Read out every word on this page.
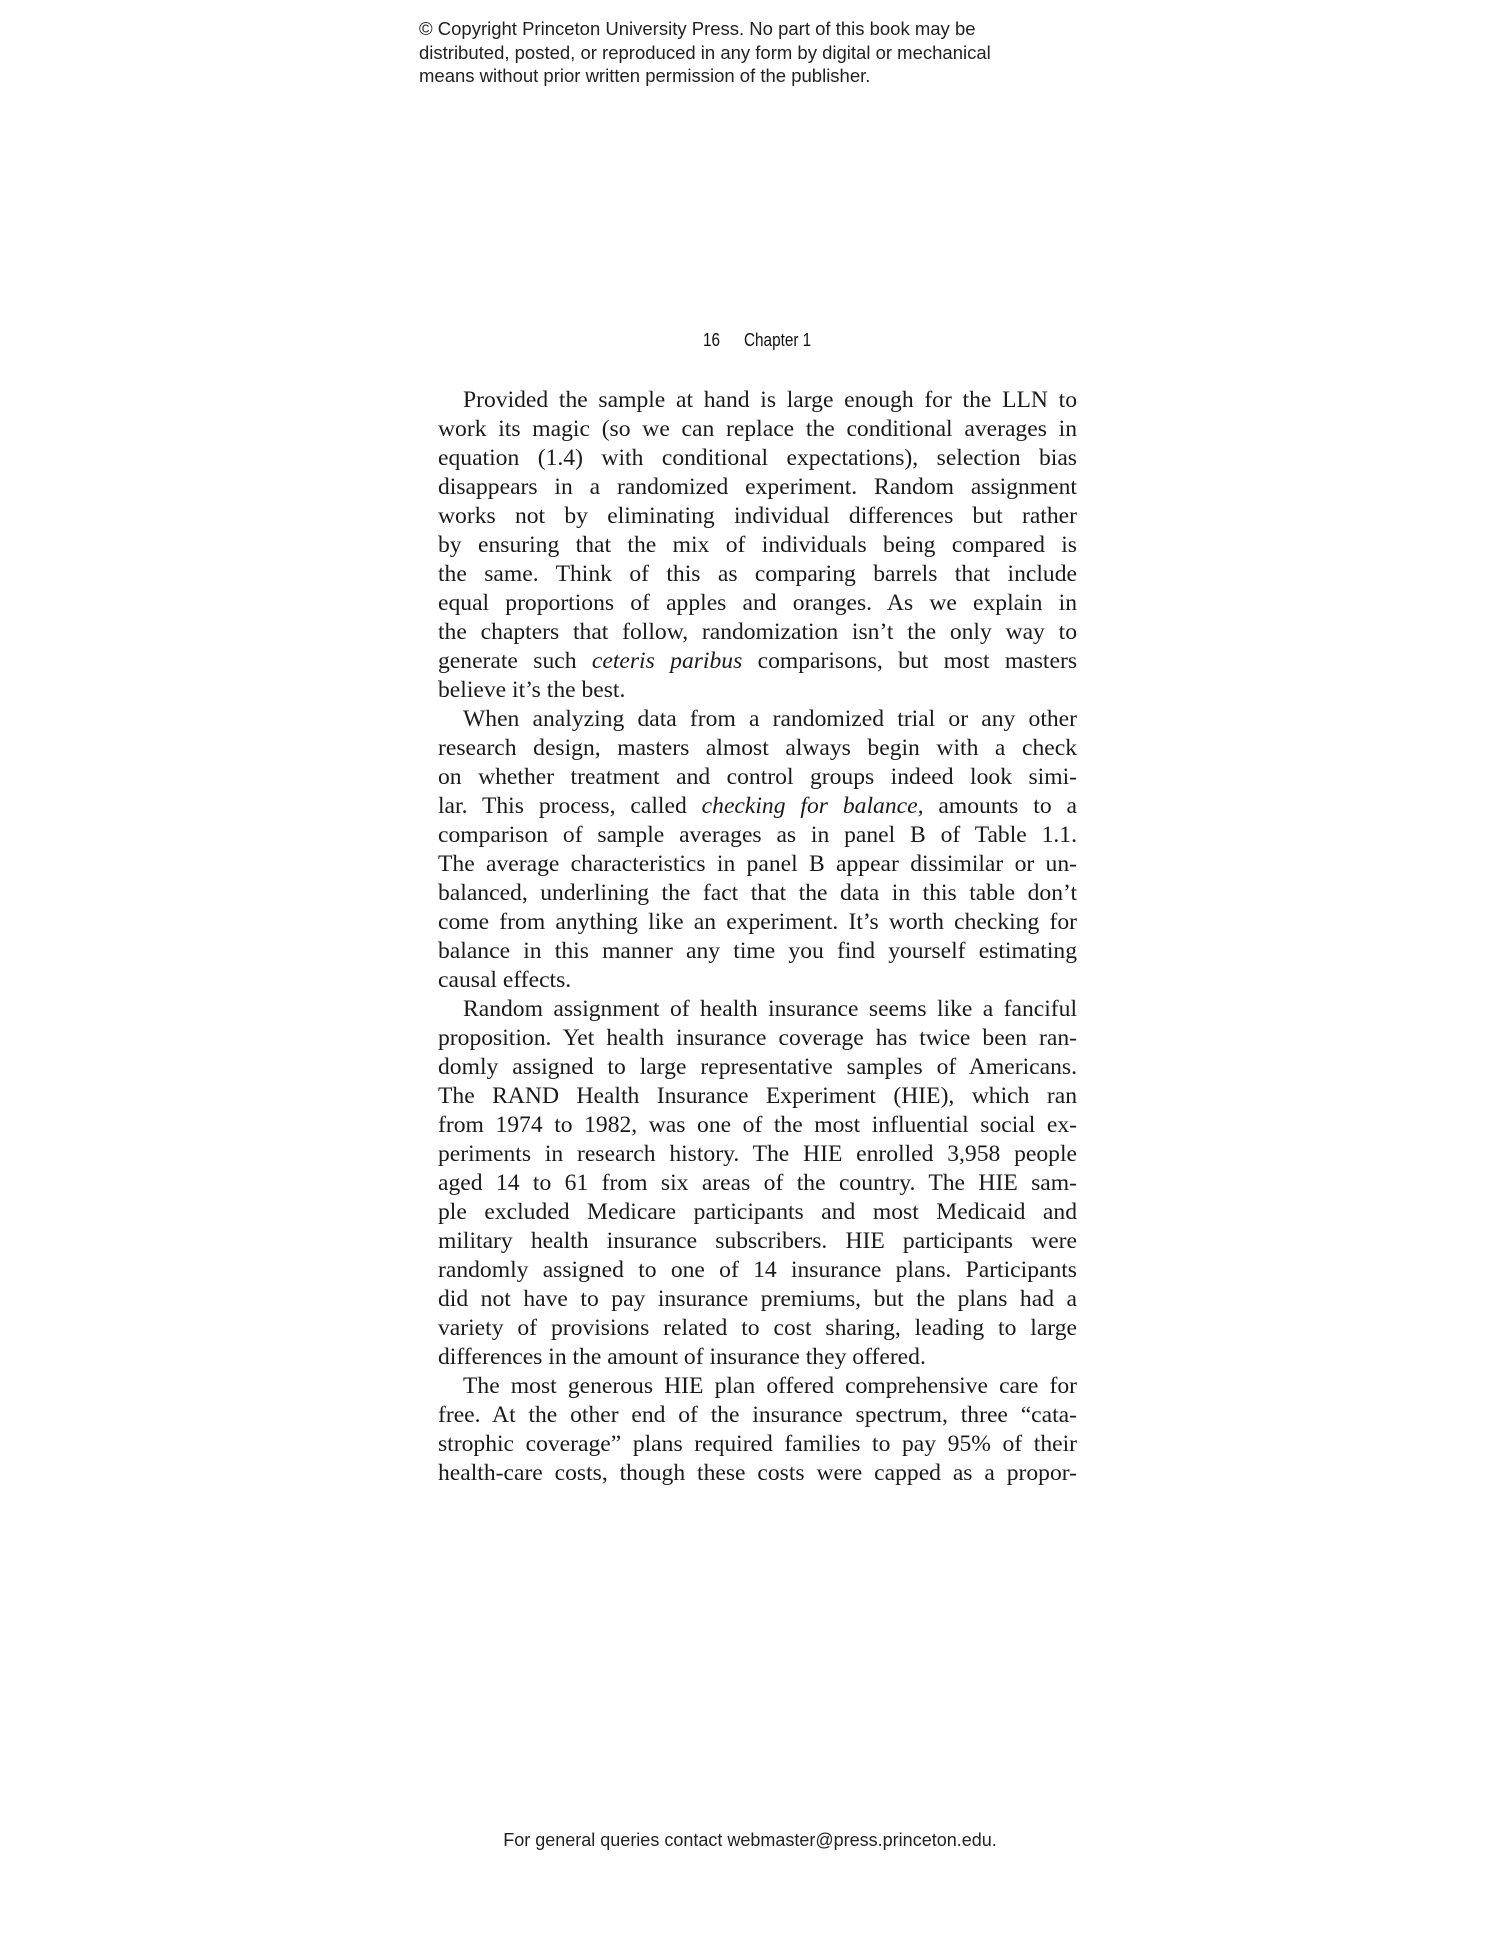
© Copyright Princeton University Press. No part of this book may be
distributed, posted, or reproduced in any form by digital or mechanical
means without prior written permission of the publisher.
16 Chapter 1
Provided the sample at hand is large enough for the LLN to
work its magic (so we can replace the conditional averages in
equation (1.4) with conditional expectations), selection bias
disappears in a randomized experiment. Random assignment
works not by eliminating individual differences but rather
by ensuring that the mix of individuals being compared is
the same. Think of this as comparing barrels that include
equal proportions of apples and oranges. As we explain in
the chapters that follow, randomization isn’t the only way to
generate such ceteris paribus comparisons, but most masters
believe it’s the best.
When analyzing data from a randomized trial or any other
research design, masters almost always begin with a check
on whether treatment and control groups indeed look simi-
lar. This process, called checking for balance, amounts to a
comparison of sample averages as in panel B of Table 1.1.
The average characteristics in panel B appear dissimilar or un-
balanced, underlining the fact that the data in this table don’t
come from anything like an experiment. It’s worth checking for
balance in this manner any time you find yourself estimating
causal effects.
Random assignment of health insurance seems like a fanciful
proposition. Yet health insurance coverage has twice been ran-
domly assigned to large representative samples of Americans.
The RAND Health Insurance Experiment (HIE), which ran
from 1974 to 1982, was one of the most influential social ex-
periments in research history. The HIE enrolled 3,958 people
aged 14 to 61 from six areas of the country. The HIE sam-
ple excluded Medicare participants and most Medicaid and
military health insurance subscribers. HIE participants were
randomly assigned to one of 14 insurance plans. Participants
did not have to pay insurance premiums, but the plans had a
variety of provisions related to cost sharing, leading to large
differences in the amount of insurance they offered.
The most generous HIE plan offered comprehensive care for
free. At the other end of the insurance spectrum, three “cata-
strophic coverage” plans required families to pay 95% of their
health-care costs, though these costs were capped as a propor-
For general queries contact webmaster@press.princeton.edu.
